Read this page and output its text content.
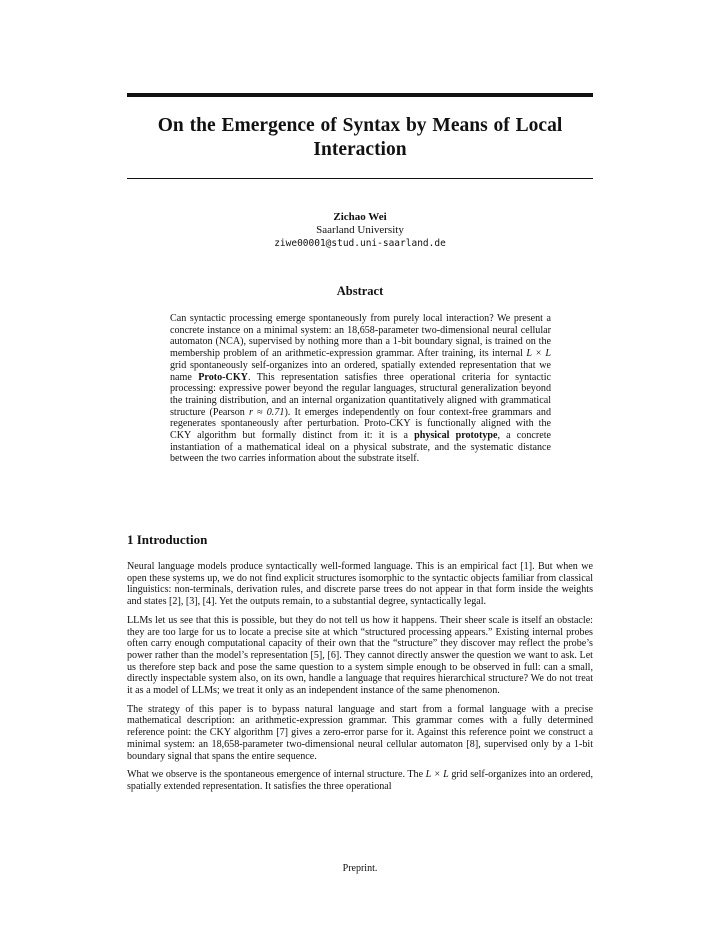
On the Emergence of Syntax by Means of Local Interaction
Zichao Wei
Saarland University
ziwe00001@stud.uni-saarland.de
Abstract
Can syntactic processing emerge spontaneously from purely local interaction? We present a concrete instance on a minimal system: an 18,658-parameter two-dimensional neural cellular automaton (NCA), supervised by nothing more than a 1-bit boundary signal, is trained on the membership problem of an arithmetic-expression grammar. After training, its internal L × L grid spontaneously self-organizes into an ordered, spatially extended representation that we name Proto-CKY. This representation satisfies three operational criteria for syntactic processing: expressive power beyond the regular languages, structural generalization beyond the training distribution, and an internal organization quantitatively aligned with grammatical structure (Pearson r ≈ 0.71). It emerges independently on four context-free grammars and regenerates spontaneously after perturbation. Proto-CKY is functionally aligned with the CKY algorithm but formally distinct from it: it is a physical prototype, a concrete instantiation of a mathematical ideal on a physical substrate, and the systematic distance between the two carries information about the substrate itself.
1 Introduction

Neural language models produce syntactically well-formed language. This is an empirical fact [1]. But when we open these systems up, we do not find explicit structures isomorphic to the syntactic objects familiar from classical linguistics: non-terminals, derivation rules, and discrete parse trees do not appear in that form inside the weights and states [2], [3], [4]. Yet the outputs remain, to a substantial degree, syntactically legal.

LLMs let us see that this is possible, but they do not tell us how it happens. Their sheer scale is itself an obstacle: they are too large for us to locate a precise site at which “structured processing appears.” Existing internal probes often carry enough computational capacity of their own that the “structure” they discover may reflect the probe’s power rather than the model’s representation [5], [6]. They cannot directly answer the question we want to ask. Let us therefore step back and pose the same question to a system simple enough to be observed in full: can a small, directly inspectable system also, on its own, handle a language that requires hierarchical structure? We do not treat it as a model of LLMs; we treat it only as an independent instance of the same phenomenon.

The strategy of this paper is to bypass natural language and start from a formal language with a precise mathematical description: an arithmetic-expression grammar. This grammar comes with a fully determined reference point: the CKY algorithm [7] gives a zero-error parse for it. Against this reference point we construct a minimal system: an 18,658-parameter two-dimensional neural cellular automaton [8], supervised only by a 1-bit boundary signal that spans the entire sequence.

What we observe is the spontaneous emergence of internal structure. The L × L grid self-organizes into an ordered, spatially extended representation. It satisfies the three operational

Preprint.
